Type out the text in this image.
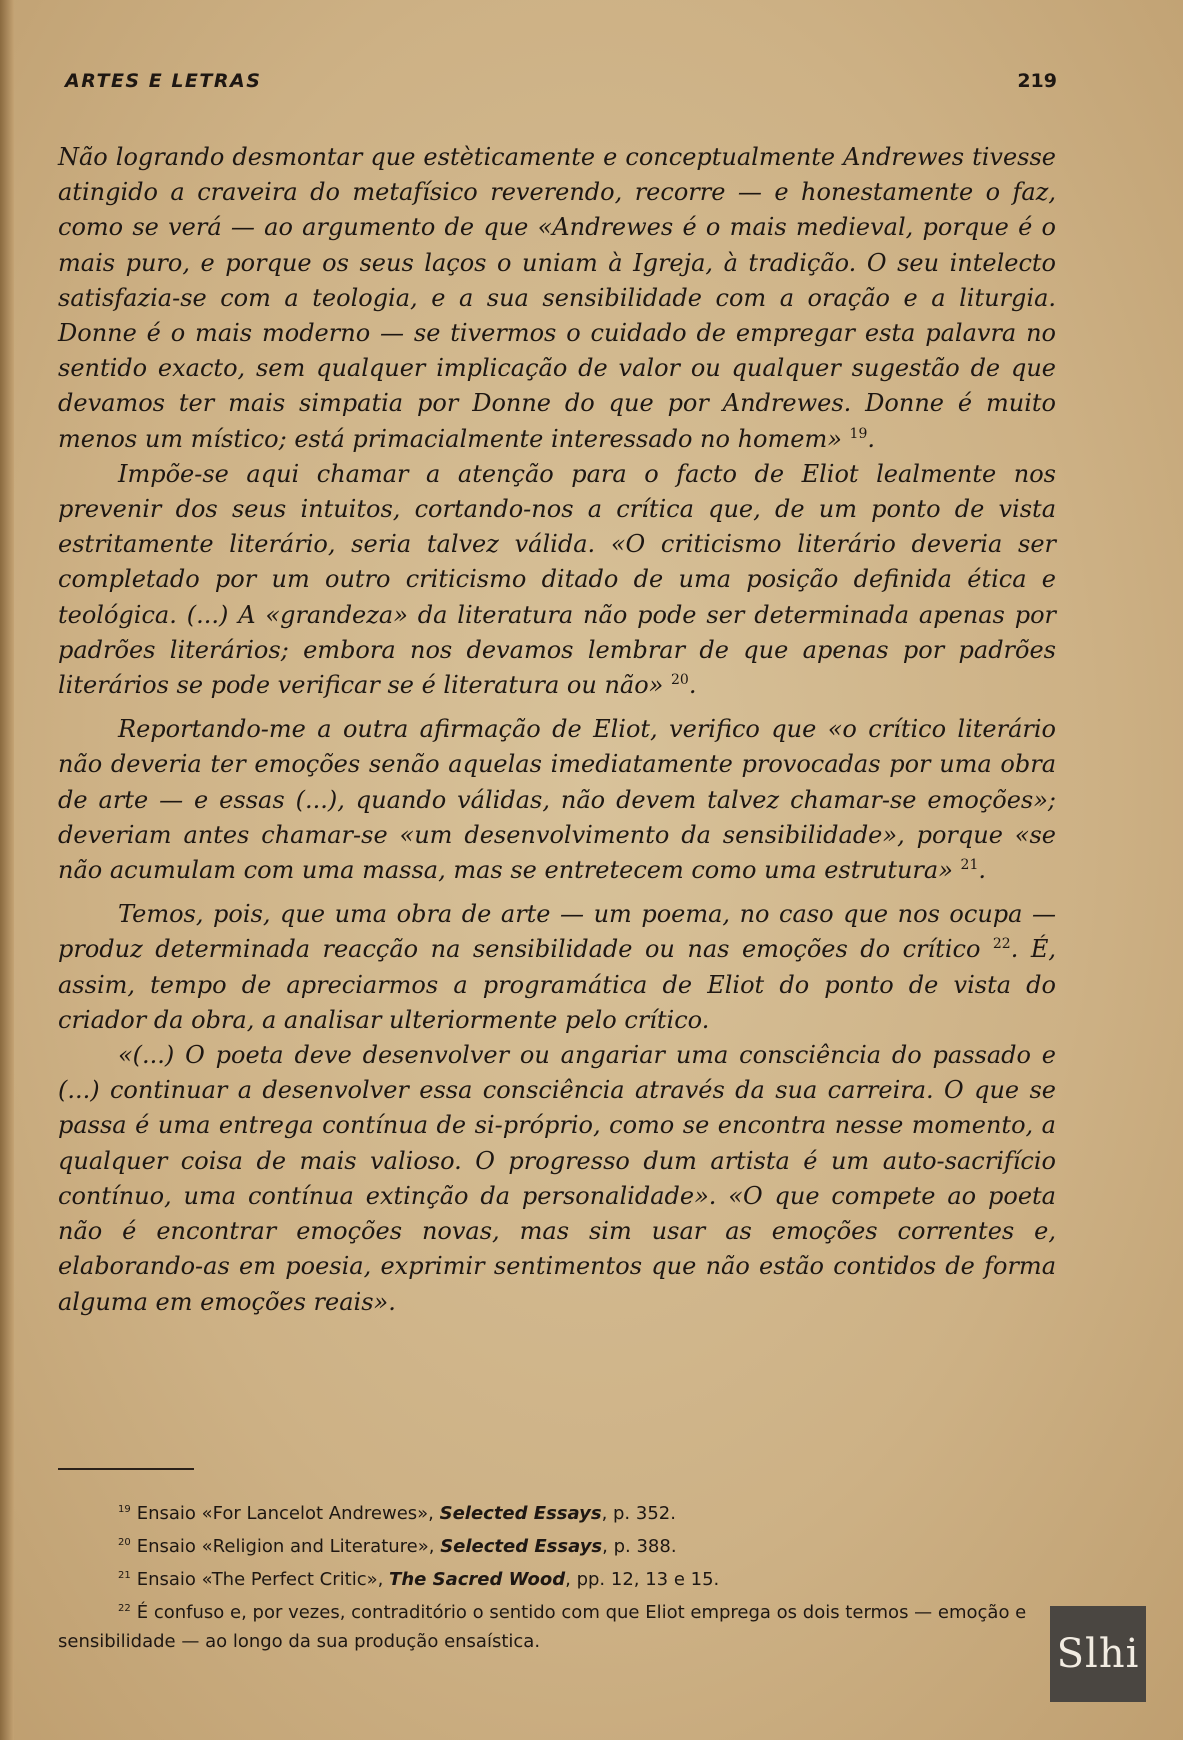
ARTES E LETRAS	219

Não logrando desmontar que estèticamente e conceptualmente Andrewes tivesse atingido a craveira do metafísico reverendo, recorre — e honestamente o faz, como se verá — ao argumento de que «Andrewes é o mais medieval, porque é o mais puro, e porque os seus laços o uniam à Igreja, à tradição. O seu intelecto satisfazia-se com a teologia, e a sua sensibilidade com a oração e a liturgia. Donne é o mais moderno — se tivermos o cuidado de empregar esta palavra no sentido exacto, sem qualquer implicação de valor ou qualquer sugestão de que devamos ter mais simpatia por Donne do que por Andrewes. Donne é muito menos um místico; está primacialmente interessado no homem» $^{19}$.

Impõe-se aqui chamar a atenção para o facto de Eliot lealmente nos prevenir dos seus intuitos, cortando-nos a crítica que, de um ponto de vista estritamente literário, seria talvez válida. «O criticismo literário deveria ser completado por um outro criticismo ditado de uma posição definida ética e teológica. (...) A «grandeza» da literatura não pode ser determinada apenas por padrões literários; embora nos devamos lembrar de que apenas por padrões literários se pode verificar se é literatura ou não» $^{20}$.

Reportando-me a outra afirmação de Eliot, verifico que «o crítico literário não deveria ter emoções senão aquelas imediatamente provocadas por uma obra de arte — e essas (...), quando válidas, não devem talvez chamar-se emoções»; deveriam antes chamar-se «um desenvolvimento da sensibilidade», porque «se não acumulam com uma massa, mas se entretecem como uma estrutura» $^{21}$.

Temos, pois, que uma obra de arte — um poema, no caso que nos ocupa — produz determinada reacção na sensibilidade ou nas emoções do crítico $^{22}$. É, assim, tempo de apreciarmos a programática de Eliot do ponto de vista do criador da obra, a analisar ulteriormente pelo crítico.

«(...) O poeta deve desenvolver ou angariar uma consciência do passado e (...) continuar a desenvolver essa consciência através da sua carreira. O que se passa é uma entrega contínua de si-próprio, como se encontra nesse momento, a qualquer coisa de mais valioso. O progresso dum artista é um auto-sacrifício contínuo, uma contínua extinção da personalidade». «O que compete ao poeta não é encontrar emoções novas, mas sim usar as emoções correntes e, elaborando-as em poesia, exprimir sentimentos que não estão contidos de forma alguma em emoções reais».

$^{19}$ Ensaio «For Lancelot Andrewes», Selected Essays, p. 352.

$^{20}$ Ensaio «Religion and Literature», Selected Essays, p. 388.

$^{21}$ Ensaio «The Perfect Critic», The Sacred Wood, pp. 12, 13 e 15.

$^{22}$ É confuso e, por vezes, contraditório o sentido com que Eliot emprega os dois termos — emoção e sensibilidade — ao longo da sua produção ensaística.	Slhi
